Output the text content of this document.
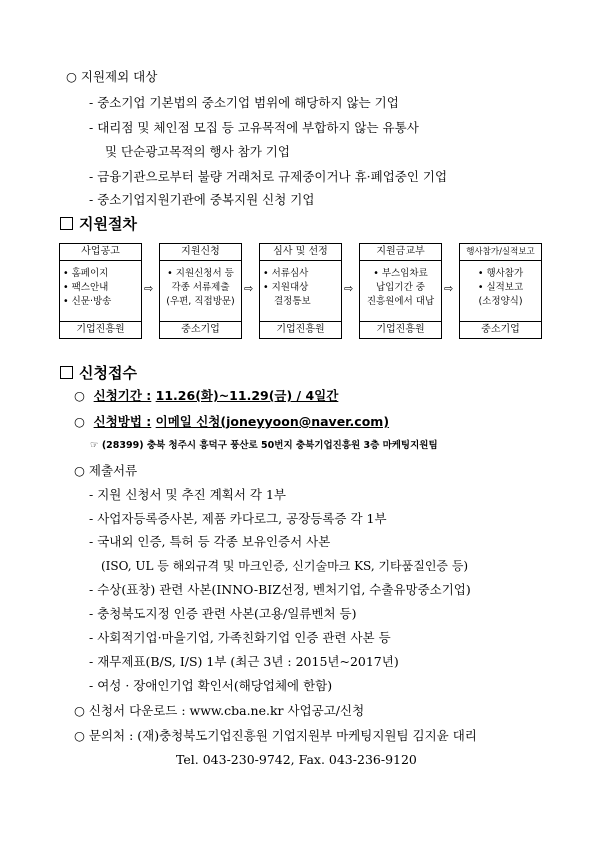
○ 지원제외 대상
- 중소기업 기본법의 중소기업 범위에 해당하지 않는 기업
- 대리점 및 체인점 모집 등 고유목적에 부합하지 않는 유통사
및 단순광고목적의 행사 참가 기업
- 금융기관으로부터 불량 거래처로 규제중이거나 휴·폐업중인 기업
- 중소기업지원기관에 중복지원 신청 기업
지원절차
사업공고
• 홈페이지
• 팩스안내
• 신문·방송
기업진흥원
⇨
지원신청
• 지원신청서 등
각종 서류제출
(우편, 직접방문)
중소기업
⇨
심사 및 선정
• 서류심사
• 지원대상
결정통보
기업진흥원
⇨
지원금교부
• 부스임차료
납입기간 중
진흥원에서 대납
기업진흥원
⇨
행사참가/실적보고
• 행사참가
• 실적보고
(소정양식)
중소기업
신청접수
○ 신청기간 : 11.26(화)~11.29(금) / 4일간
○ 신청방법 : 이메일 신청(joneyyoon@naver.com)
☞ (28399) 충북 청주시 흥덕구 풍산로 50번지 충북기업진흥원 3층 마케팅지원팀
○ 제출서류
- 지원 신청서 및 추진 계획서 각 1부
- 사업자등록증사본, 제품 카다로그, 공장등록증 각 1부
- 국내외 인증, 특허 등 각종 보유인증서 사본
(ISO, UL 등 해외규격 및 마크인증, 신기술마크 KS, 기타품질인증 등)
- 수상(표창) 관련 사본(INNO-BIZ선정, 벤처기업, 수출유망중소기업)
- 충청북도지정 인증 관련 사본(고용/일류벤처 등)
- 사회적기업·마을기업, 가족친화기업 인증 관련 사본 등
- 재무제표(B/S, I/S) 1부 (최근 3년 : 2015년~2017년)
- 여성 · 장애인기업 확인서(해당업체에 한함)
○ 신청서 다운로드 : www.cba.ne.kr 사업공고/신청
○ 문의처 : (재)충청북도기업진흥원 기업지원부 마케팅지원팀 김지윤 대리
Tel. 043-230-9742, Fax. 043-236-9120
